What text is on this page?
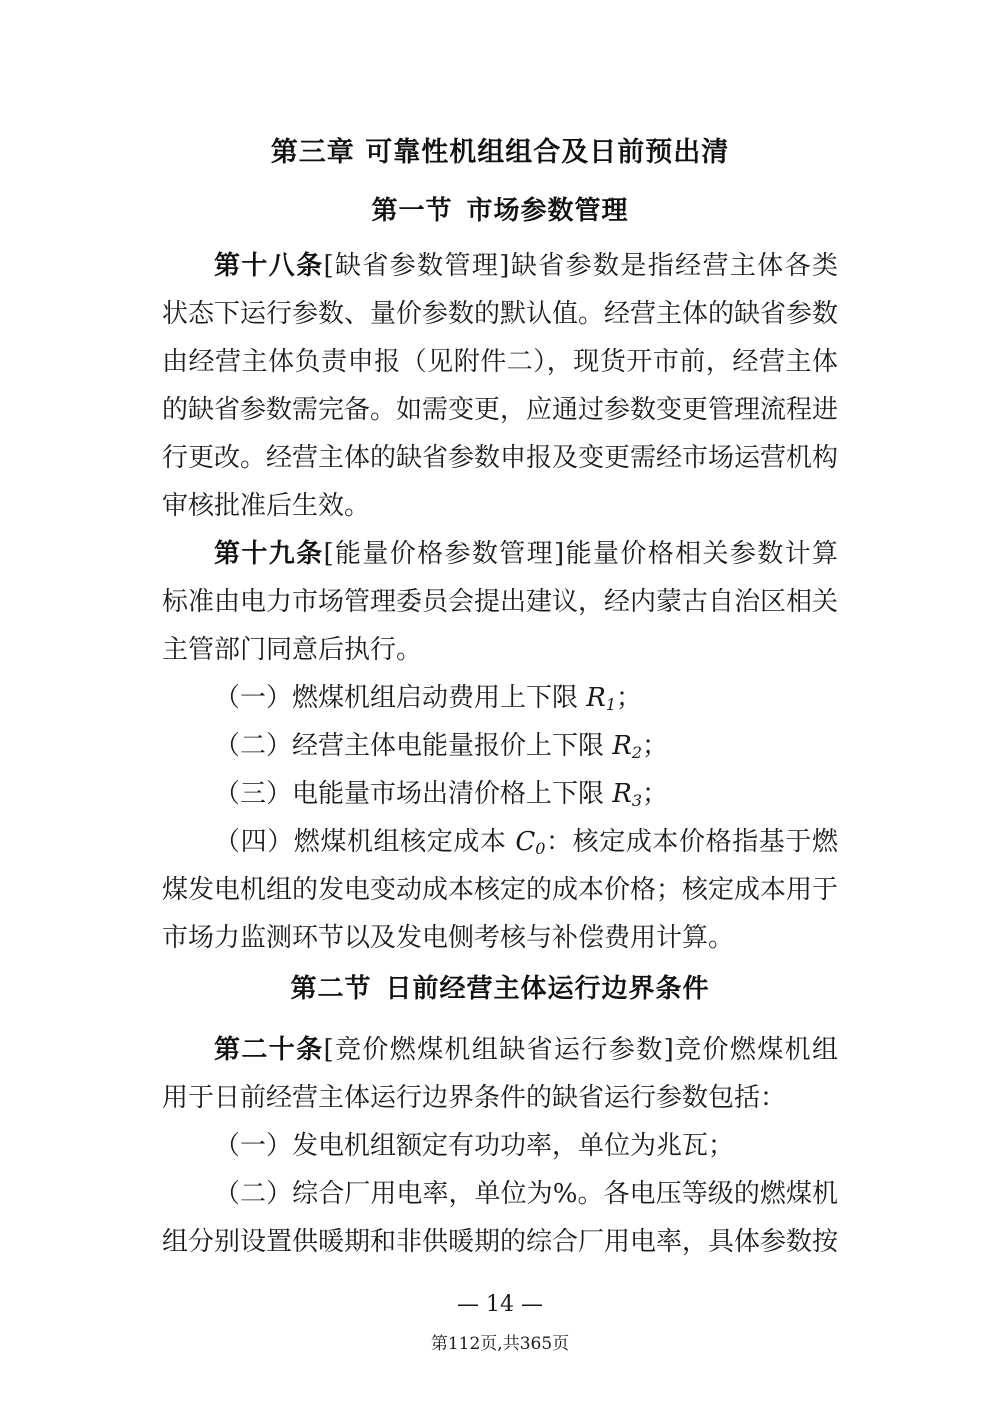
第三章 可靠性机组组合及日前预出清
第一节 市场参数管理
第十八条[缺省参数管理]缺省参数是指经营主体各类
状态下运行参数、量价参数的默认值。经营主体的缺省参数
由经营主体负责申报（见附件二），现货开市前，经营主体
的缺省参数需完备。如需变更，应通过参数变更管理流程进
行更改。经营主体的缺省参数申报及变更需经市场运营机构
审核批准后生效。
第十九条[能量价格参数管理]能量价格相关参数计算
标准由电力市场管理委员会提出建议，经内蒙古自治区相关
主管部门同意后执行。
（一）燃煤机组启动费用上下限 $R_1$；
（二）经营主体电能量报价上下限 $R_2$；
（三）电能量市场出清价格上下限 $R_3$；
（四）燃煤机组核定成本 $C_0$：核定成本价格指基于燃
煤发电机组的发电变动成本核定的成本价格；核定成本用于
市场力监测环节以及发电侧考核与补偿费用计算。
第二节 日前经营主体运行边界条件
第二十条[竞价燃煤机组缺省运行参数]竞价燃煤机组
用于日前经营主体运行边界条件的缺省运行参数包括：
（一）发电机组额定有功功率，单位为兆瓦；
（二）综合厂用电率，单位为%。各电压等级的燃煤机
组分别设置供暖期和非供暖期的综合厂用电率，具体参数按
— 14 —
第112页,共365页
